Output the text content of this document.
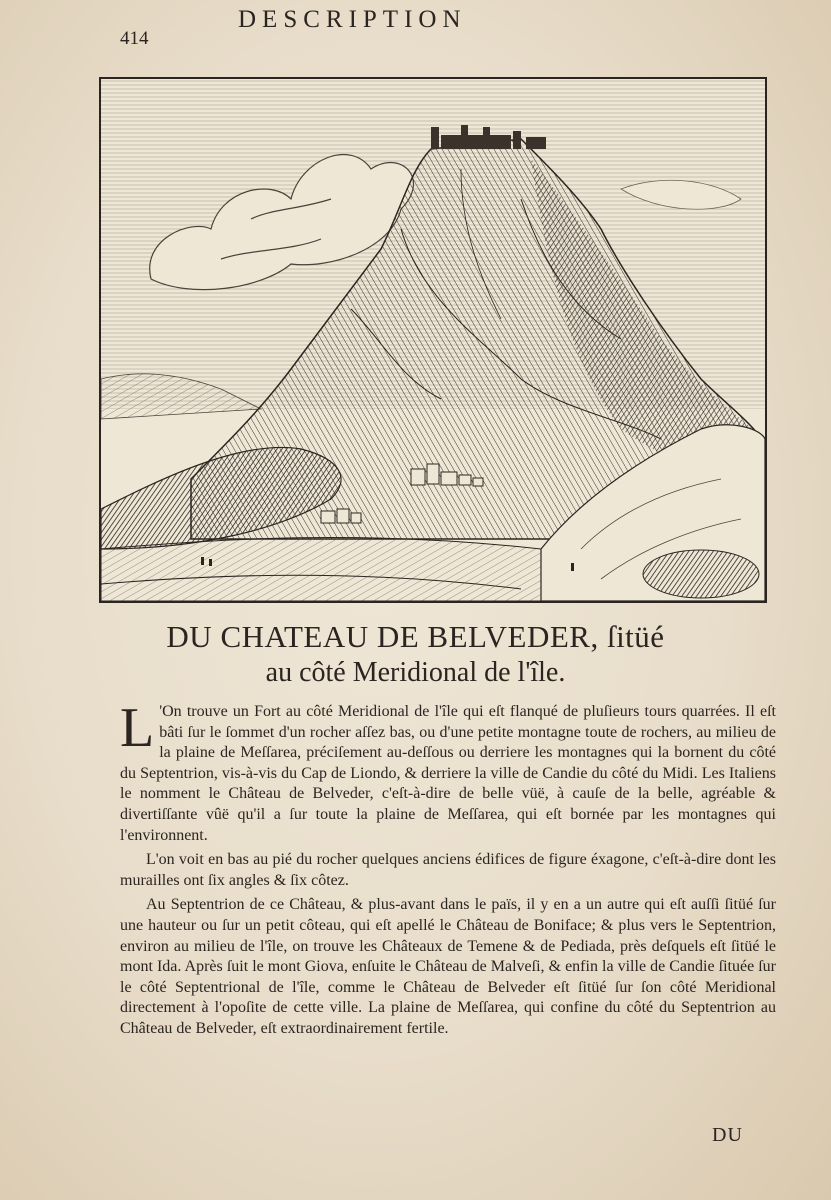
414
DESCRIPTION
DU CHATEAU DE BELVEDER, ſitüé
au côté Meridional de l'île.

L 'On trouve un Fort au côté Meridional de l'île qui eſt flanqué de pluſieurs tours quarrées. Il eſt bâti ſur le ſommet d'un rocher aſſez bas, ou d'une petite montagne toute de rochers, au milieu de la plaine de Meſſarea, préciſement au-deſſous ou derriere les montagnes qui la bornent du côté du Septentrion, vis-à-vis du Cap de Liondo, & derriere la ville de Candie du côté du Midi. Les Italiens le nomment le Château de Belveder, c'eſt-à-dire de belle vüë, à cauſe de la belle, agréable & divertiſſante vûë qu'il a ſur toute la plaine de Meſſarea, qui eſt bornée par les montagnes qui l'environnent.

L'on voit en bas au pié du rocher quelques anciens édifices de figure éxagone, c'eſt-à-dire dont les murailles ont ſix angles & ſix côtez.

Au Septentrion de ce Château, & plus-avant dans le païs, il y en a un autre qui eſt auſſi ſitüé ſur une hauteur ou ſur un petit côteau, qui eſt apellé le Château de Boniface; & plus vers le Septentrion, environ au milieu de l'île, on trouve les Châteaux de Temene & de Pediada, près deſquels eſt ſitüé le mont Ida. Après ſuit le mont Giova, enſuite le Château de Malveſi, & enfin la ville de Candie ſituée ſur le côté Septentrional de l'île, comme le Château de Belveder eſt ſitüé ſur ſon côté Meridional directement à l'opoſite de cette ville. La plaine de Meſſarea, qui confine du côté du Septentrion au Château de Belveder, eſt extraordinairement fertile.

DU
